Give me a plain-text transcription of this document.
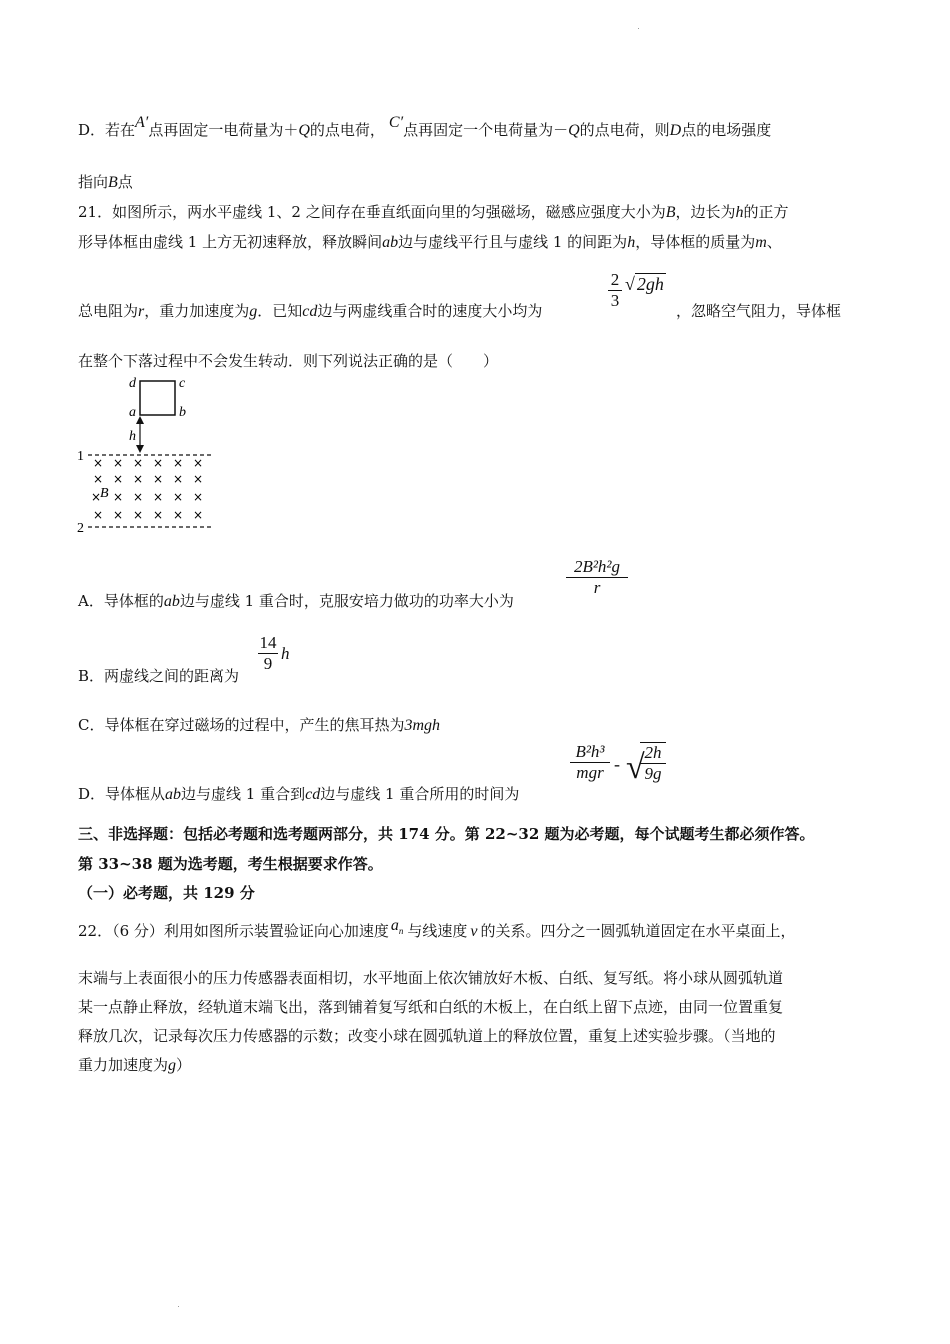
D．若在A′点再固定一电荷量为＋Q的点电荷， C′点再固定一个电荷量为－Q的点电荷，则D点的电场强度
指向B点
21．如图所示，两水平虚线 1、2 之间存在垂直纸面向里的匀强磁场，磁感应强度大小为B，边长为h的正方
形导体框由虚线 1 上方无初速释放，释放瞬间ab边与虚线平行且与虚线 1 的间距为h，导体框的质量为m、
总电阻为r，重力加速度为g．已知cd边与两虚线重合时的速度大小均为
2
3
√ 2gh
，忽略空气阻力，导体框
在整个下落过程中不会发生转动．则下列说法正确的是（　　）
d	c
a	b
h
1
2
B
× × × × × ×
× × × × × ×
× × × × × ×
× × × × × ×
A．导体框的ab边与虚线 1 重合时，克服安培力做功的功率大小为
2B²h²g
r
B．两虚线之间的距离为
14
9
h
C．导体框在穿过磁场的过程中，产生的焦耳热为3mgh
D．导体框从ab边与虚线 1 重合到cd边与虚线 1 重合所用的时间为
B²h³
mgr - √ 2h
9g
三、非选择题：包括必考题和选考题两部分，共 174 分。第 22~32 题为必考题，每个试题考生都必须作答。
第 33~38 题为选考题，考生根据要求作答。
（一）必考题，共 129 分
22．（6 分）利用如图所示装置验证向心加速度 an 与线速度 v 的关系。四分之一圆弧轨道固定在水平桌面上，
末端与上表面很小的压力传感器表面相切，水平地面上依次铺放好木板、白纸、复写纸。将小球从圆弧轨道
某一点静止释放，经轨道末端飞出，落到铺着复写纸和白纸的木板上，在白纸上留下点迹，由同一位置重复
释放几次，记录每次压力传感器的示数；改变小球在圆弧轨道上的释放位置，重复上述实验步骤。（当地的
重力加速度为g）
